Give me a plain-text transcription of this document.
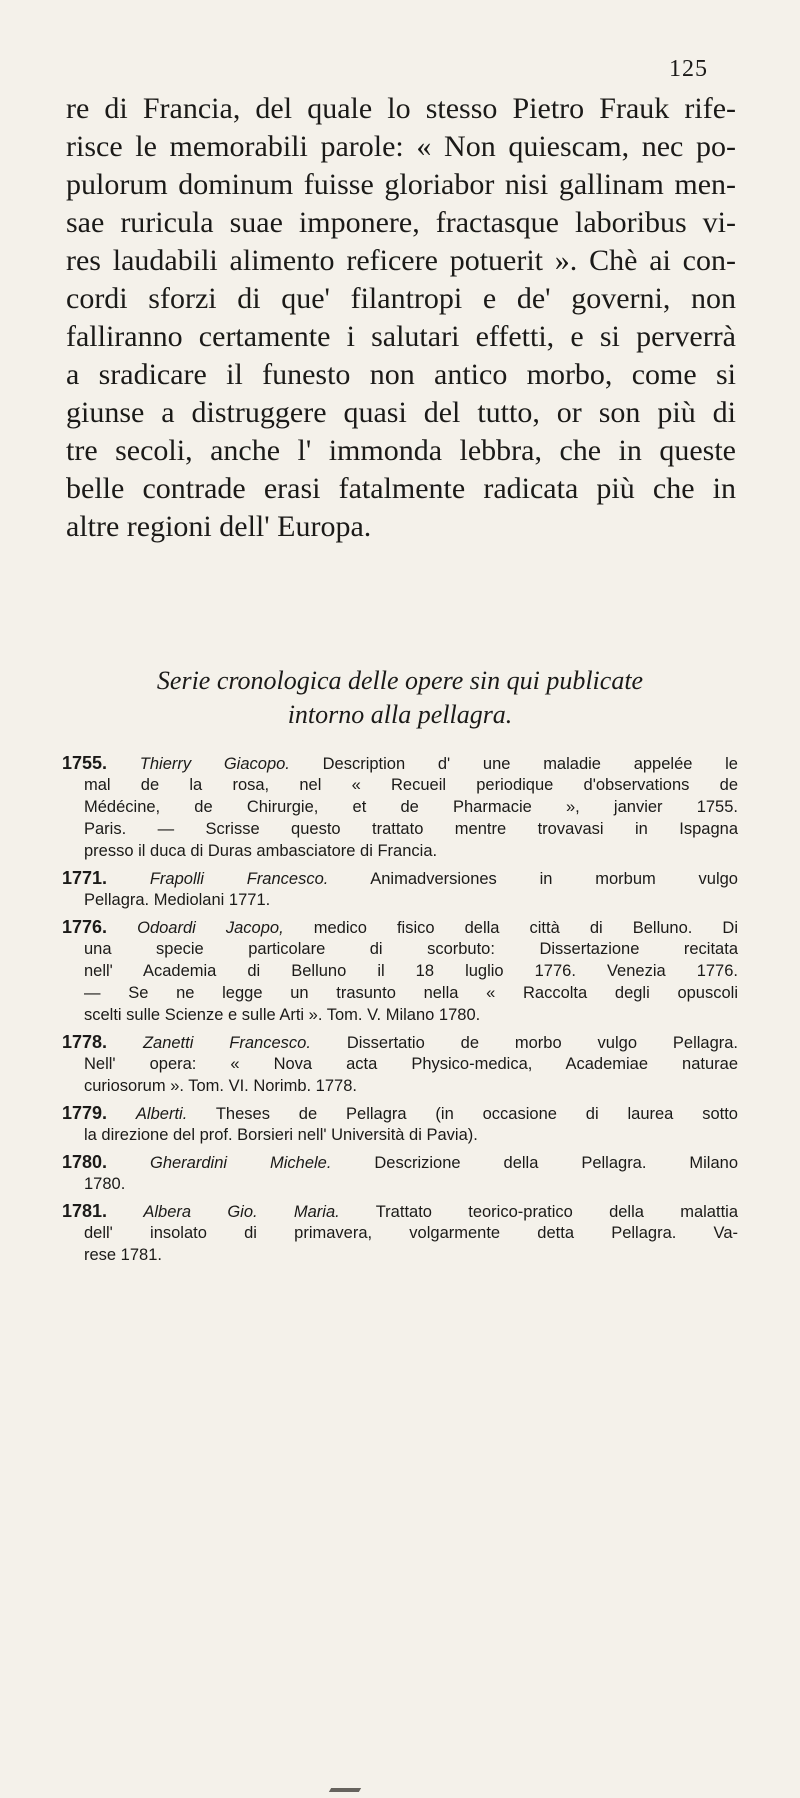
125
re di Francia, del quale lo stesso Pietro Frauk rife-
risce le memorabili parole: « Non quiescam, nec po-
pulorum dominum fuisse gloriabor nisi gallinam men-
sae ruricula suae imponere, fractasque laboribus vi-
res laudabili alimento reficere potuerit ». Chè ai con-
cordi sforzi di que' filantropi e de' governi, non
falliranno certamente i salutari effetti, e si perverrà
a sradicare il funesto non antico morbo, come si
giunse a distruggere quasi del tutto, or son più di
tre secoli, anche l' immonda lebbra, che in queste
belle contrade erasi fatalmente radicata più che in
altre regioni dell' Europa.
Serie cronologica delle opere sin qui publicate
intorno alla pellagra.
1755. Thierry Giacopo. Description d' une maladie appelée le
mal de la rosa, nel « Recueil periodique d'observations de
Médécine, de Chirurgie, et de Pharmacie », janvier 1755.
Paris. — Scrisse questo trattato mentre trovavasi in Ispagna
presso il duca di Duras ambasciatore di Francia.
1771.	Frapolli Francesco.	Animadversiones in morbum vulgo
Pellagra. Mediolani 1771.
1776. Odoardi Jacopo, medico fisico della città di Belluno. Di
una specie particolare di scorbuto: Dissertazione recitata
nell' Academia di Belluno il 18 luglio 1776. Venezia 1776.
— Se ne legge un trasunto nella « Raccolta degli opuscoli
scelti sulle Scienze e sulle Arti ». Tom. V. Milano 1780.
1778. Zanetti Francesco. Dissertatio de morbo vulgo Pellagra.
Nell' opera: « Nova acta Physico-medica, Academiae naturae
curiosorum ». Tom. VI. Norimb. 1778.
1779. Alberti. Theses de Pellagra (in occasione di laurea sotto
la direzione del prof. Borsieri nell' Università di Pavia).
1780.	Gherardini Michele.	Descrizione della Pellagra. Milano
1780.
1781. Albera Gio. Maria. Trattato teorico-pratico della malattia
dell' insolato di primavera, volgarmente detta Pellagra. Va-
rese 1781.
